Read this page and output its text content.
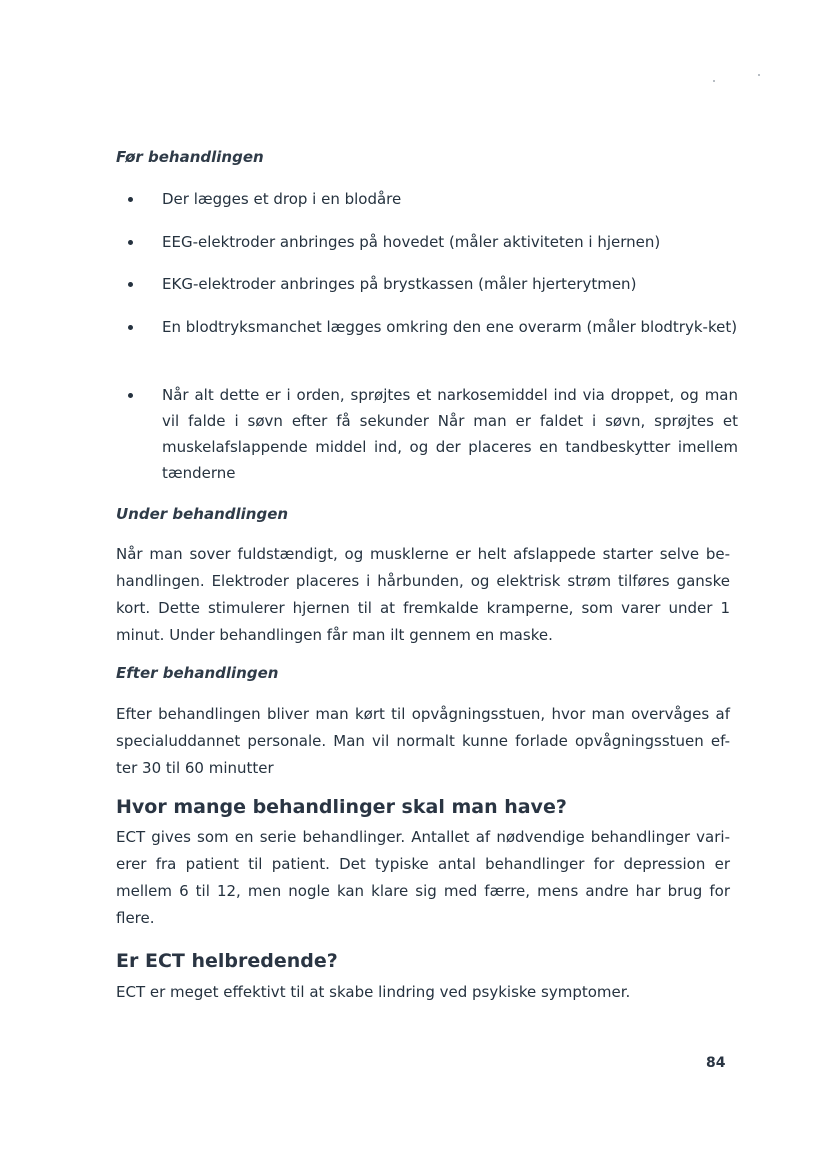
Før behandlingen
Der lægges et drop i en blodåre
EEG-elektroder anbringes på hovedet (måler aktiviteten i hjernen)
EKG-elektroder anbringes på brystkassen (måler hjerterytmen)
En blodtryksmanchet lægges omkring den ene overarm (måler blodtryk-ket)
Når alt dette er i orden, sprøjtes et narkosemiddel ind via droppet, og man vil falde i søvn efter få sekunder Når man er faldet i søvn, sprøjtes et muskelafslappende middel ind, og der placeres en tandbeskytter imellem tænderne
Under behandlingen

Når man sover fuldstændigt, og musklerne er helt afslappede starter selve be-handlingen. Elektroder placeres i hårbunden, og elektrisk strøm tilføres ganske kort. Dette stimulerer hjernen til at fremkalde kramperne, som varer under 1 minut. Under behandlingen får man ilt gennem en maske.

Efter behandlingen

Efter behandlingen bliver man kørt til opvågningsstuen, hvor man overvåges af specialuddannet personale. Man vil normalt kunne forlade opvågningsstuen ef-ter 30 til 60 minutter

Hvor mange behandlinger skal man have?

ECT gives som en serie behandlinger. Antallet af nødvendige behandlinger vari-erer fra patient til patient. Det typiske antal behandlinger for depression er mellem 6 til 12, men nogle kan klare sig med færre, mens andre har brug for flere.

Er ECT helbredende?

ECT er meget effektivt til at skabe lindring ved psykiske symptomer.

84
